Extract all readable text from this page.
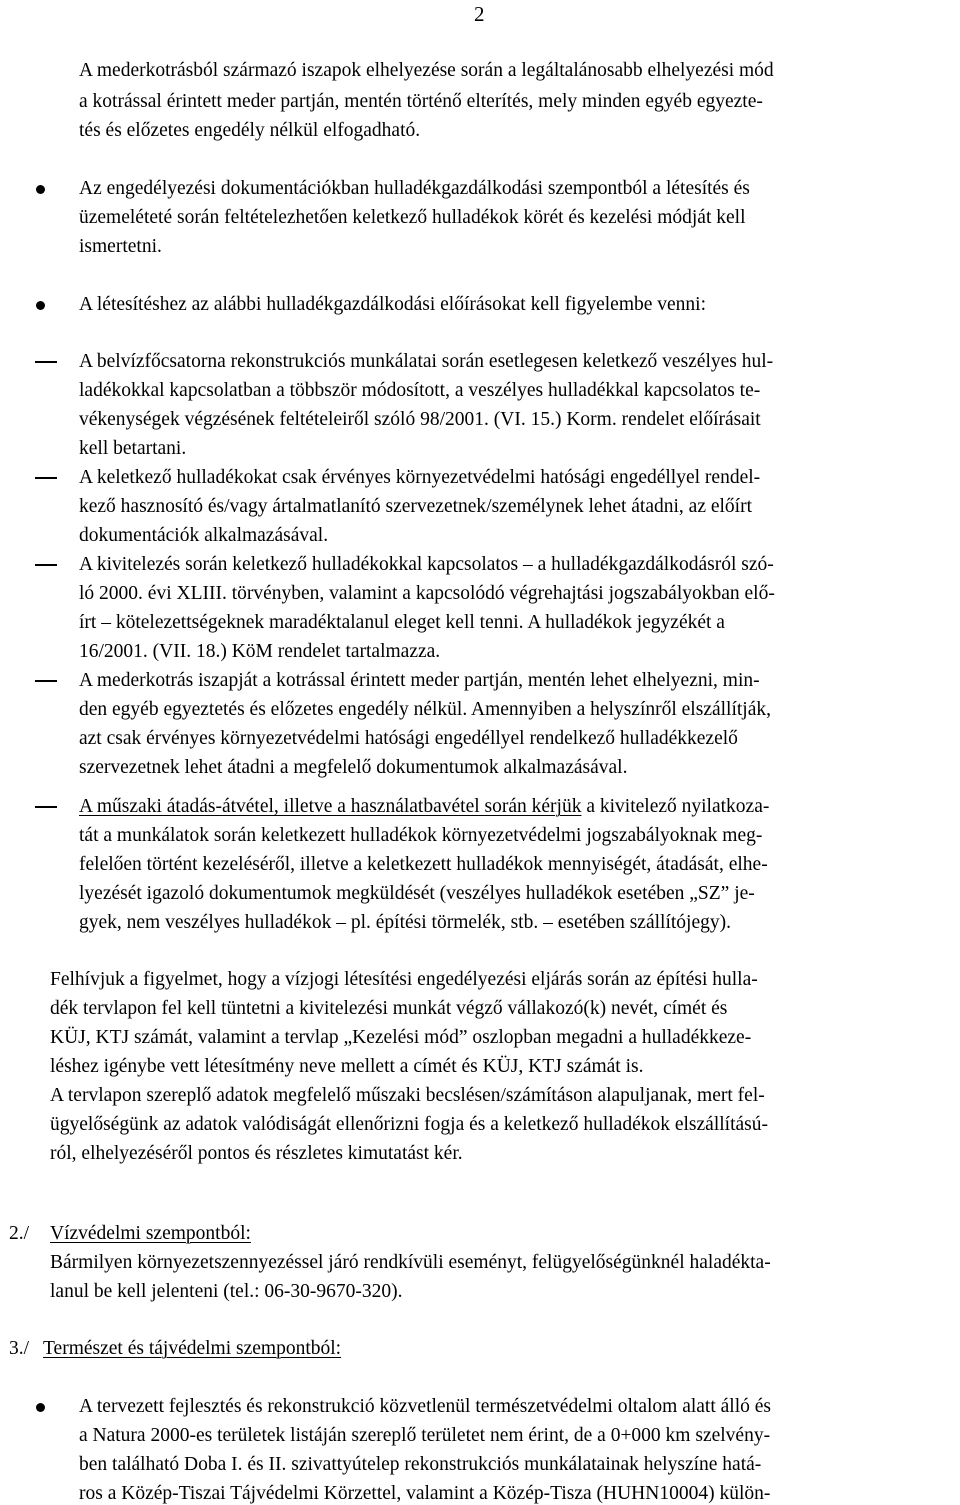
2
A mederkotrásból származó iszapok elhelyezése során a legáltalánosabb elhelyezési mód
a kotrással érintett meder partján, mentén történő elterítés, mely minden egyéb egyezte-
tés és előzetes engedély nélkül elfogadható.
Az engedélyezési dokumentációkban hulladékgazdálkodási szempontból a létesítés és
üzemeléteté során feltételezhetően keletkező hulladékok körét és kezelési módját kell
ismertetni.
A létesítéshez az alábbi hulladékgazdálkodási előírásokat kell figyelembe venni:
A belvízfőcsatorna rekonstrukciós munkálatai során esetlegesen keletkező veszélyes hul-
ladékokkal kapcsolatban a többször módosított, a veszélyes hulladékkal kapcsolatos te-
vékenységek végzésének feltételeiről szóló 98/2001. (VI. 15.) Korm. rendelet előírásait
kell betartani.
A keletkező hulladékokat csak érvényes környezetvédelmi hatósági engedéllyel rendel-
kező hasznosító és/vagy ártalmatlanító szervezetnek/személynek lehet átadni, az előírt
dokumentációk alkalmazásával.
A kivitelezés során keletkező hulladékokkal kapcsolatos – a hulladékgazdálkodásról szó-
ló 2000. évi XLIII. törvényben, valamint a kapcsolódó végrehajtási jogszabályokban elő-
írt – kötelezettségeknek maradéktalanul eleget kell tenni. A hulladékok jegyzékét a
16/2001. (VII. 18.) KöM rendelet tartalmazza.
A mederkotrás iszapját a kotrással érintett meder partján, mentén lehet elhelyezni, min-
den egyéb egyeztetés és előzetes engedély nélkül. Amennyiben a helyszínről elszállítják,
azt csak érvényes környezetvédelmi hatósági engedéllyel rendelkező hulladékkezelő
szervezetnek lehet átadni a megfelelő dokumentumok alkalmazásával.
A műszaki átadás-átvétel, illetve a használatbavétel során kérjük a kivitelező nyilatkoza-
tát a munkálatok során keletkezett hulladékok környezetvédelmi jogszabályoknak meg-
felelően történt kezeléséről, illetve a keletkezett hulladékok mennyiségét, átadását, elhe-
lyezését igazoló dokumentumok megküldését (veszélyes hulladékok esetében „SZ” je-
gyek, nem veszélyes hulladékok – pl. építési törmelék, stb. – esetében szállítójegy).
Felhívjuk a figyelmet, hogy a vízjogi létesítési engedélyezési eljárás során az építési hulla-
dék tervlapon fel kell tüntetni a kivitelezési munkát végző vállakozó(k) nevét, címét és
KÜJ, KTJ számát, valamint a tervlap „Kezelési mód” oszlopban megadni a hulladékkeze-
léshez igénybe vett létesítmény neve mellett a címét és KÜJ, KTJ számát is.
A tervlapon szereplő adatok megfelelő műszaki becslésen/számításon alapuljanak, mert fel-
ügyelőségünk az adatok valódiságát ellenőrizni fogja és a keletkező hulladékok elszállítású-
ról, elhelyezéséről pontos és részletes kimutatást kér.
2./ Vízvédelmi szempontból:
Bármilyen környezetszennyezéssel járó rendkívüli eseményt, felügyelőségünknél haladékta-
lanul be kell jelenteni (tel.: 06-30-9670-320).
3./ Természet és tájvédelmi szempontból:
A tervezett fejlesztés és rekonstrukció közvetlenül természetvédelmi oltalom alatt álló és
a Natura 2000-es területek listáján szereplő területet nem érint, de a 0+000 km szelvény-
ben található Doba I. és II. szivattyútelep rekonstrukciós munkálatainak helyszíne hatá-
ros a Közép-Tiszai Tájvédelmi Körzettel, valamint a Közép-Tisza (HUHN10004) külön-
